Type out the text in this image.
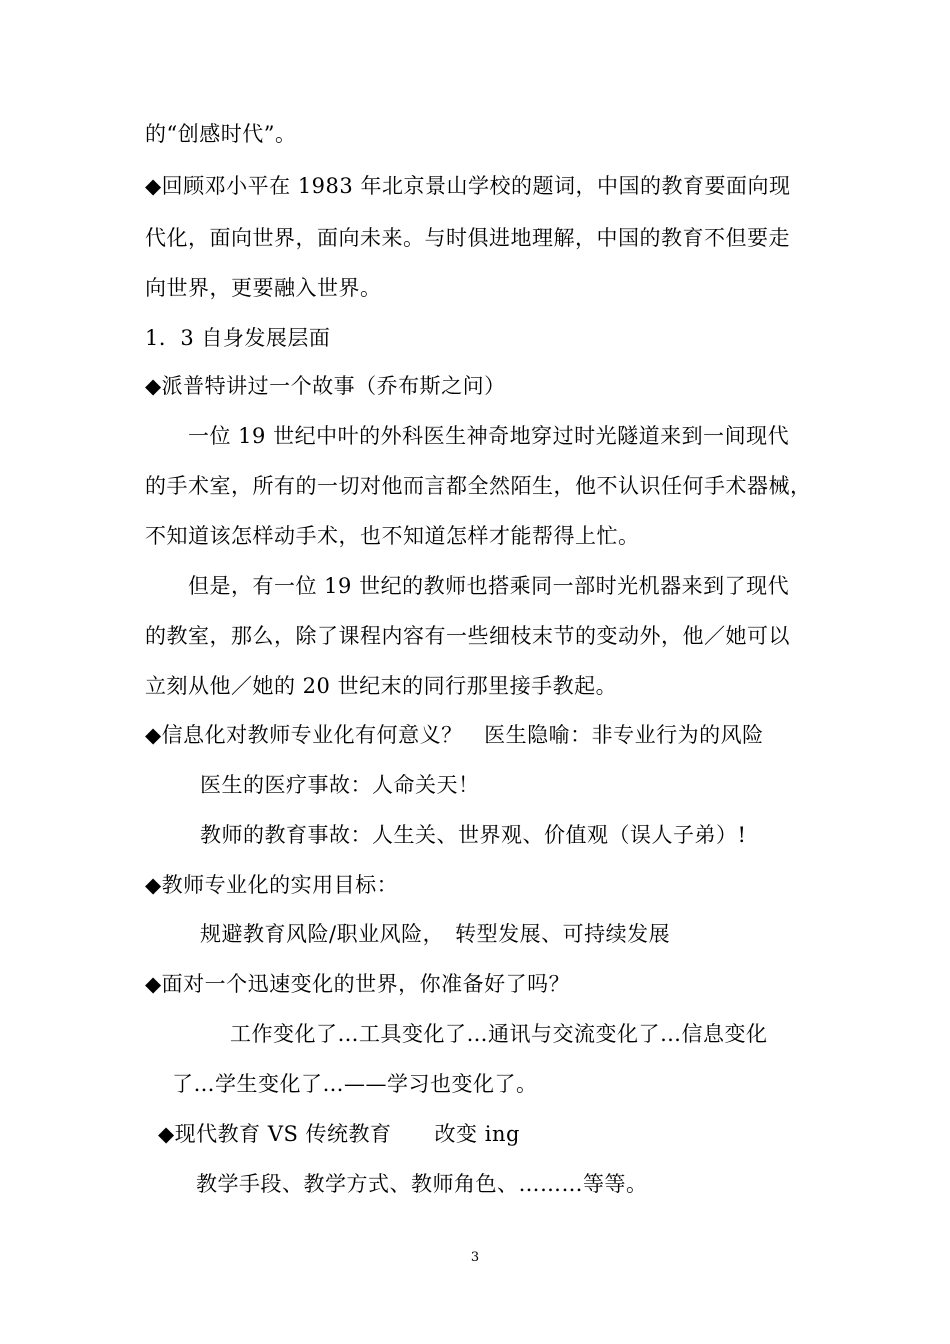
的“创感时代”。
◆回顾邓小平在 1983 年北京景山学校的题词，中国的教育要面向现
代化，面向世界，面向未来。与时俱进地理解，中国的教育不但要走
向世界，更要融入世界。
1．3 自身发展层面
◆派普特讲过一个故事（乔布斯之问）
一位 19 世纪中叶的外科医生神奇地穿过时光隧道来到一间现代
的手术室，所有的一切对他而言都全然陌生，他不认识任何手术器械，
不知道该怎样动手术，也不知道怎样才能帮得上忙。
但是，有一位 19 世纪的教师也搭乘同一部时光机器来到了现代
的教室，那么，除了课程内容有一些细枝末节的变动外，他／她可以
立刻从他／她的 20 世纪末的同行那里接手教起。
◆信息化对教师专业化有何意义？　医生隐喻：非专业行为的风险
医生的医疗事故：人命关天！
教师的教育事故：人生关、世界观、价值观（误人子弟）!
◆教师专业化的实用目标：
规避教育风险/职业风险，　转型发展、可持续发展
◆面对一个迅速变化的世界，你准备好了吗？
工作变化了…工具变化了…通讯与交流变化了…信息变化
了…学生变化了…——学习也变化了。
◆现代教育 VS 传统教育　　改变 ing
教学手段、教学方式、教师角色、………等等。
3
